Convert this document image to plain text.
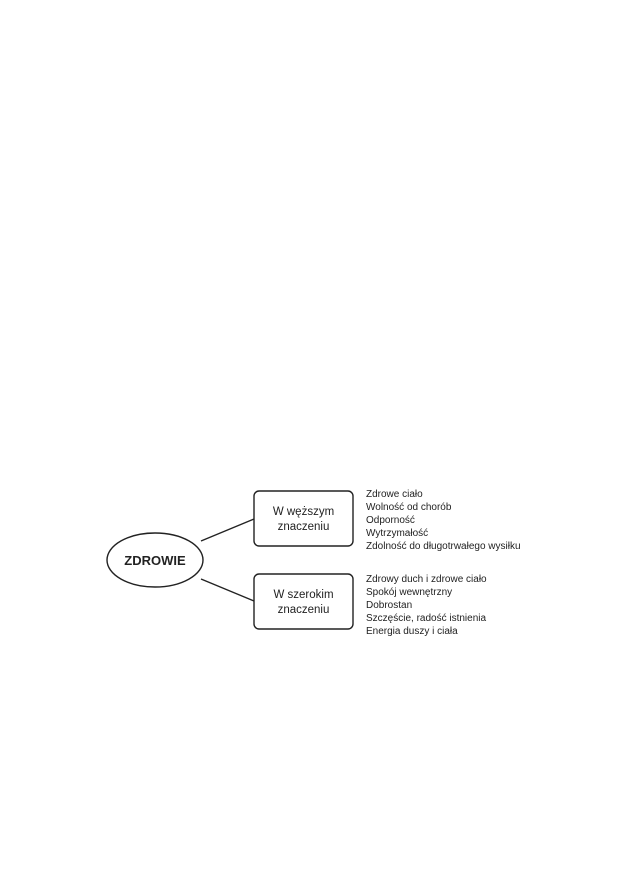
ZDROWIE
W węższym
znaczeniu
Zdrowe ciało
Wolność od chorób
Odporność
Wytrzymałość
Zdolność do długotrwałego wysiłku
W szerokim
znaczeniu
Zdrowy duch i zdrowe ciało
Spokój wewnętrzny
Dobrostan
Szczęście, radość istnienia
Energia duszy i ciała
